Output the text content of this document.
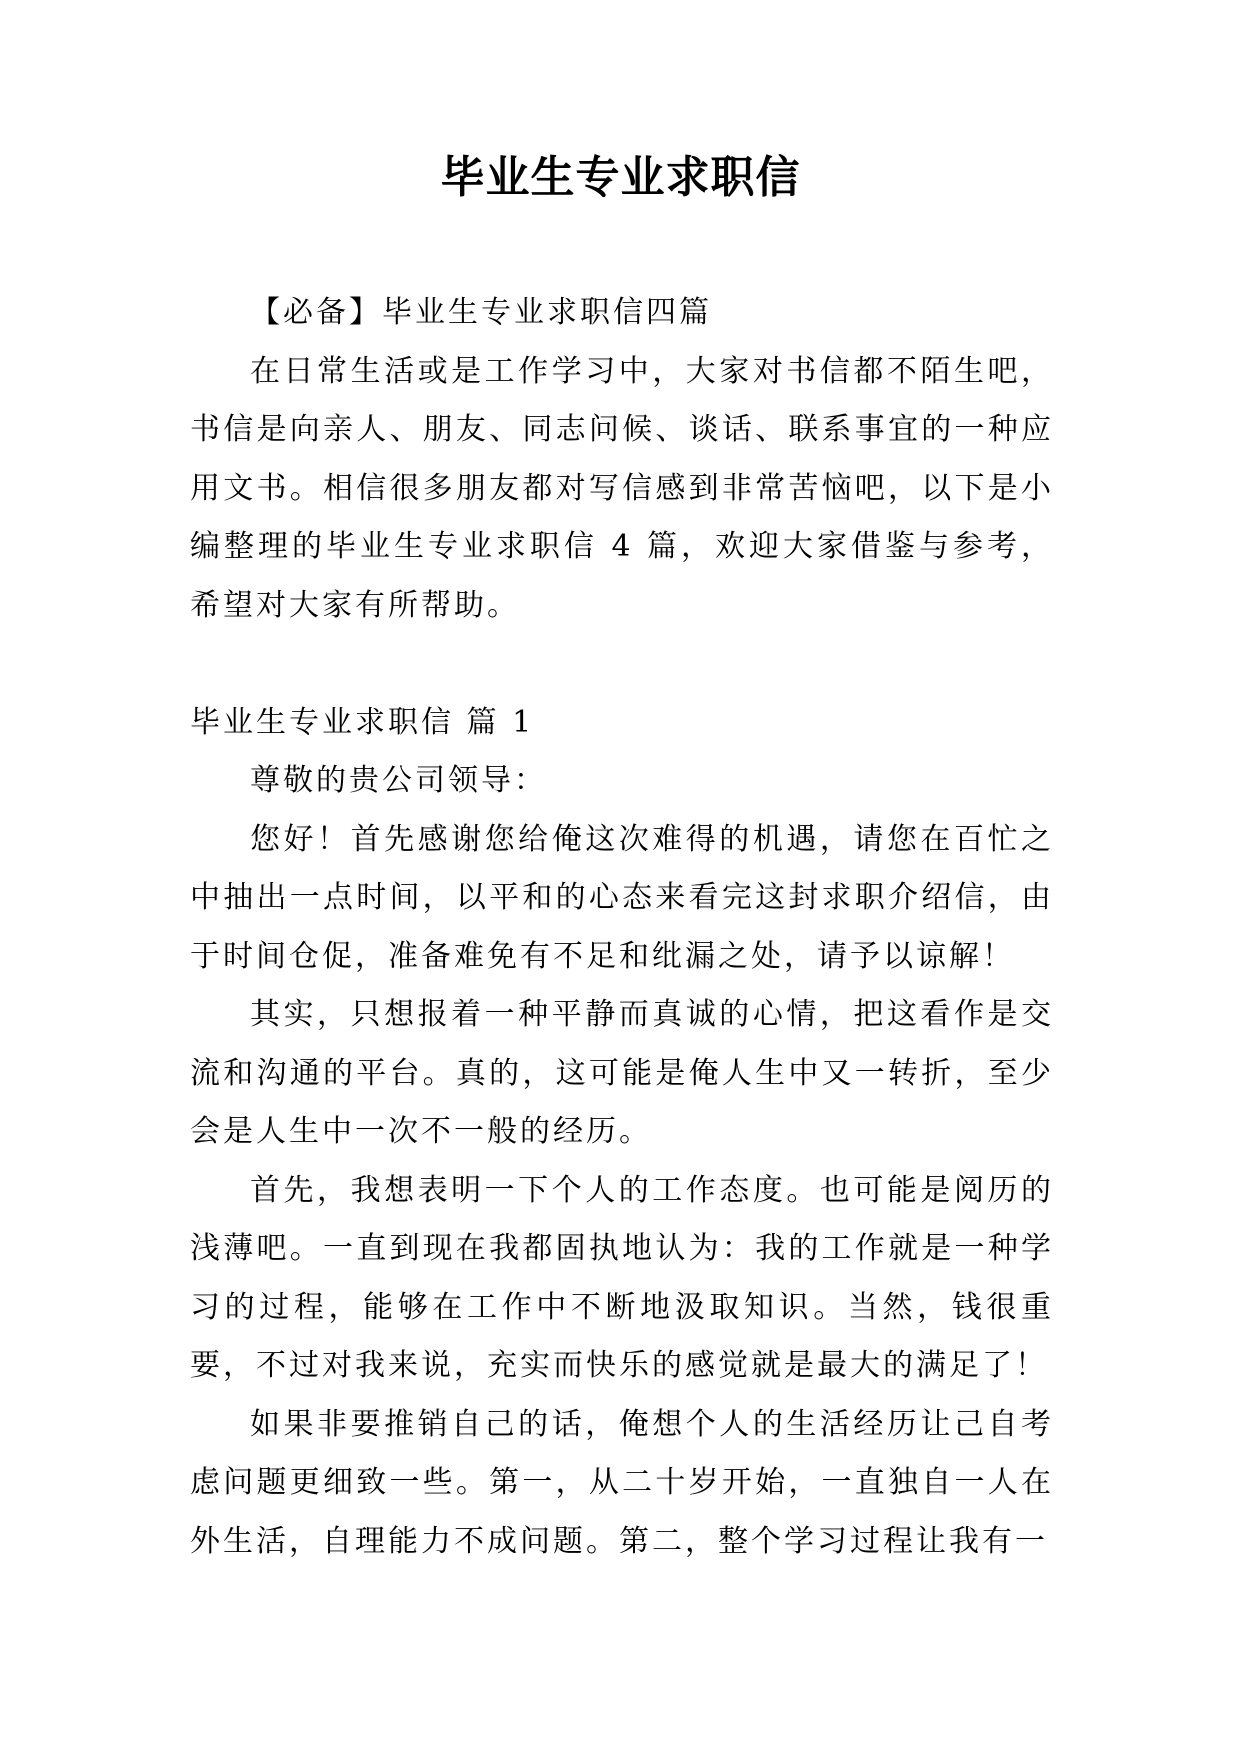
毕业生专业求职信

【必备】毕业生专业求职信四篇

在日常生活或是工作学习中，大家对书信都不陌生吧，书信是向亲人、朋友、同志问候、谈话、联系事宜的一种应用文书。相信很多朋友都对写信感到非常苦恼吧，以下是小编整理的毕业生专业求职信 4 篇，欢迎大家借鉴与参考，希望对大家有所帮助。

毕业生专业求职信 篇 1

尊敬的贵公司领导：

您好！首先感谢您给俺这次难得的机遇，请您在百忙之中抽出一点时间，以平和的心态来看完这封求职介绍信，由于时间仓促，准备难免有不足和纰漏之处，请予以谅解！

其实，只想报着一种平静而真诚的心情，把这看作是交流和沟通的平台。真的，这可能是俺人生中又一转折，至少会是人生中一次不一般的经历。

首先，我想表明一下个人的工作态度。也可能是阅历的浅薄吧。一直到现在我都固执地认为：我的工作就是一种学习的过程，能够在工作中不断地汲取知识。当然，钱很重要，不过对我来说，充实而快乐的感觉就是最大的满足了！

如果非要推销自己的话，俺想个人的生活经历让己自考虑问题更细致一些。第一，从二十岁开始，一直独自一人在外生活，自理能力不成问题。第二，整个学习过程让我有一
